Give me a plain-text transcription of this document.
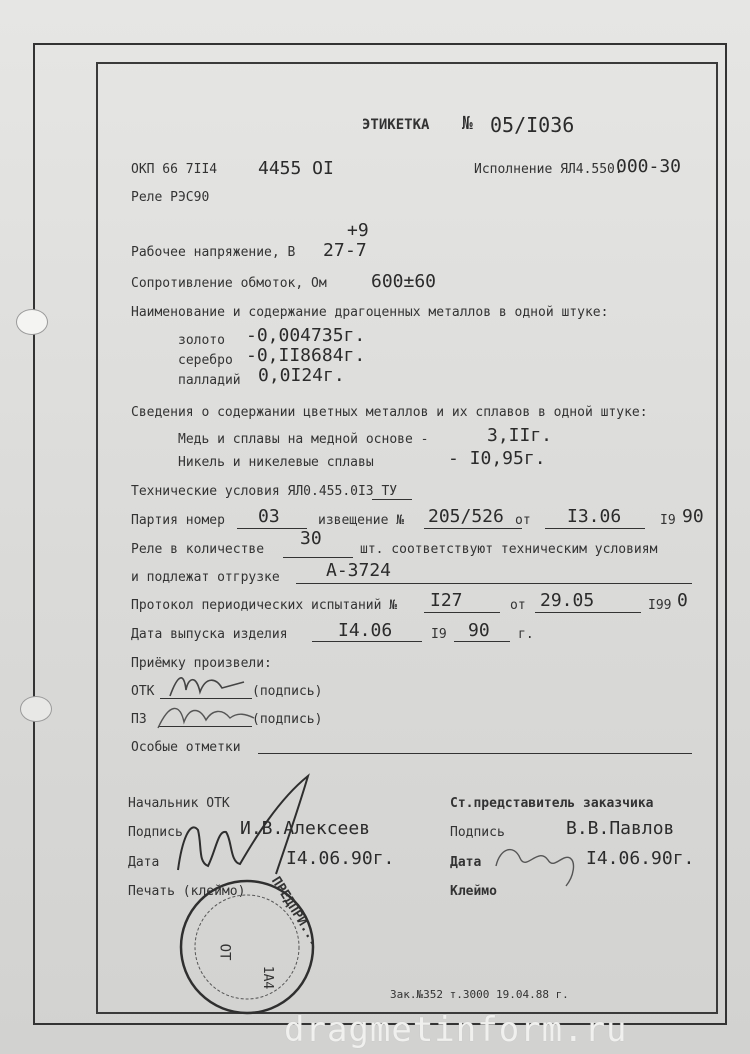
ЭТИКЕТКА № 05/I036
ОКП 66 7II4 4455 OI	Исполнение ЯЛ4.550.
000-30
Реле РЭС90
+9
Рабочее напряжение, В 27 -7
Сопротивление обмоток, Ом 600±60
Наименование и содержание драгоценных металлов в одной штуке:
золото -0,004735г.
серебро -0,II8684г.
палладий 0,0I24г.
Сведения о содержании цветных металлов и их сплавов в одной штуке:
Медь и сплавы на медной основе -	3,IIг.
Никель и никелевые сплавы	- I0,95г.
Технические условия ЯЛ0.455.0I3 ТУ
Партия номер 03	извещение № 205/526 от I3.06	I9 90
Реле в количестве
30
шт. соответствуют техническим условиям
и подлежат отгрузке	А-3724
Протокол периодических испытаний № I27	от 29.05	I99 0
Дата выпуска изделия	I4.06	I9 90 г.
Приёмку произвели:
ОТК	(подпись)
ПЗ	(подпись)
Особые отметки
Начальник ОТК
Подпись	И.В.Алексеев
Дата	I4.06.90г.
Печать (клеймо)
Ст.представитель заказчика
Подпись	В.В.Павлов
Дата	I4.06.90г.
Клеймо
ПРЕДПРИ...
ОТ
1А4
Зак.№352 т.3000 19.04.88 г.
dragmetinform.ru
